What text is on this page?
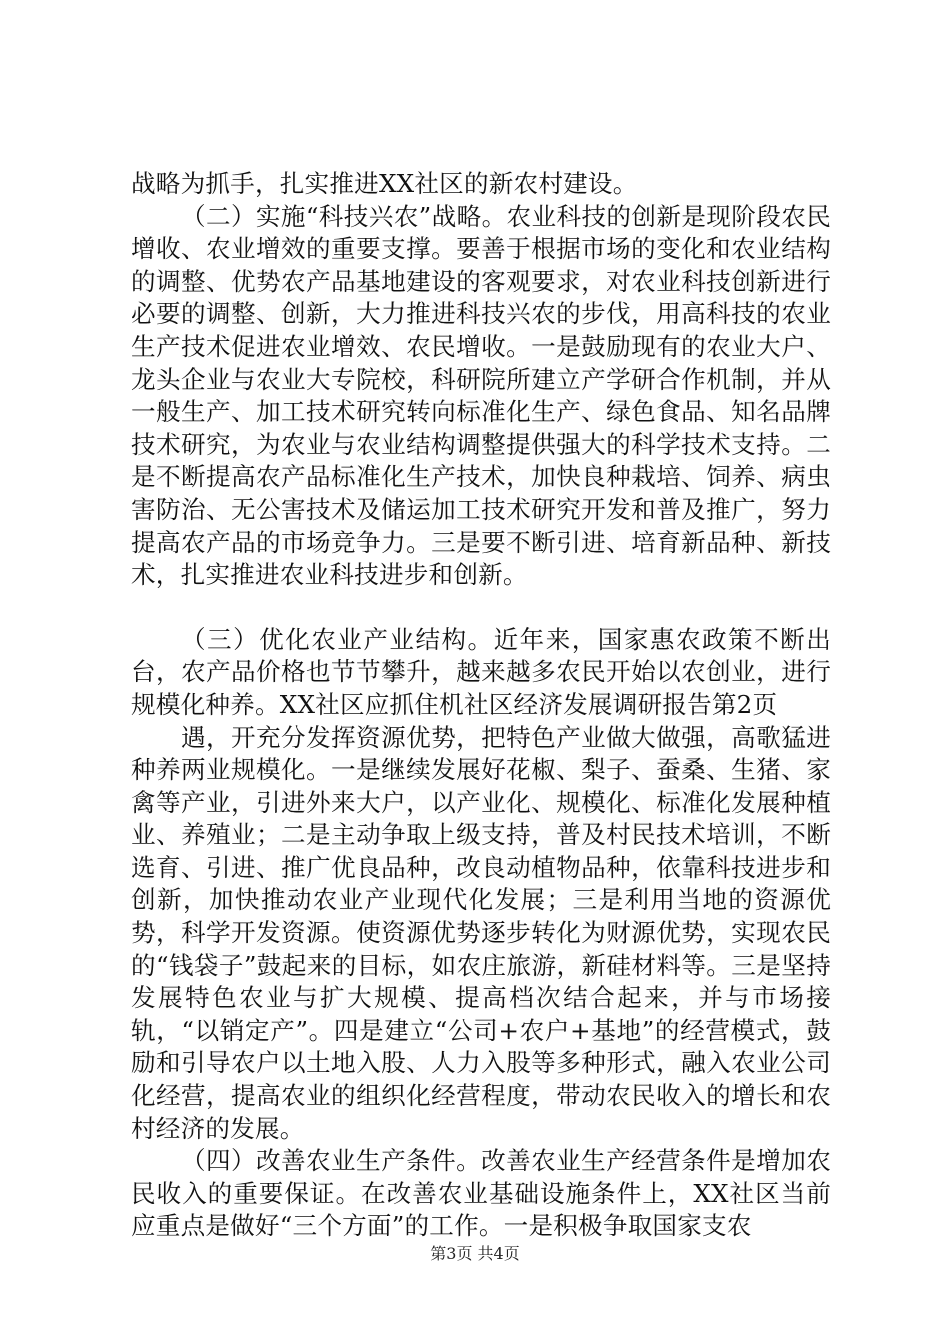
战略为抓手，扎实推进XX社区的新农村建设。

（二）实施“科技兴农”战略。农业科技的创新是现阶段农民增收、农业增效的重要支撑。要善于根据市场的变化和农业结构的调整、优势农产品基地建设的客观要求，对农业科技创新进行必要的调整、创新，大力推进科技兴农的步伐，用高科技的农业生产技术促进农业增效、农民增收。一是鼓励现有的农业大户、龙头企业与农业大专院校，科研院所建立产学研合作机制，并从一般生产、加工技术研究转向标准化生产、绿色食品、知名品牌技术研究，为农业与农业结构调整提供强大的科学技术支持。二是不断提高农产品标准化生产技术，加快良种栽培、饲养、病虫害防治、无公害技术及储运加工技术研究开发和普及推广，努力提高农产品的市场竞争力。三是要不断引进、培育新品种、新技术，扎实推进农业科技进步和创新。

（三）优化农业产业结构。近年来，国家惠农政策不断出台，农产品价格也节节攀升，越来越多农民开始以农创业，进行规模化种养。XX社区应抓住机社区经济发展调研报告第2页

遇，开充分发挥资源优势，把特色产业做大做强，高歌猛进种养两业规模化。一是继续发展好花椒、梨子、蚕桑、生猪、家禽等产业，引进外来大户，以产业化、规模化、标准化发展种植业、养殖业；二是主动争取上级支持，普及村民技术培训，不断选育、引进、推广优良品种，改良动植物品种，依靠科技进步和创新，加快推动农业产业现代化发展；三是利用当地的资源优势，科学开发资源。使资源优势逐步转化为财源优势，实现农民的“钱袋子”鼓起来的目标，如农庄旅游，新硅材料等。三是坚持发展特色农业与扩大规模、提高档次结合起来，并与市场接轨，“以销定产”。四是建立“公司+农户+基地”的经营模式，鼓励和引导农户以土地入股、人力入股等多种形式，融入农业公司化经营，提高农业的组织化经营程度，带动农民收入的增长和农村经济的发展。

（四）改善农业生产条件。改善农业生产经营条件是增加农民收入的重要保证。在改善农业基础设施条件上，XX社区当前应重点是做好“三个方面”的工作。一是积极争取国家支农

第3页 共4页
